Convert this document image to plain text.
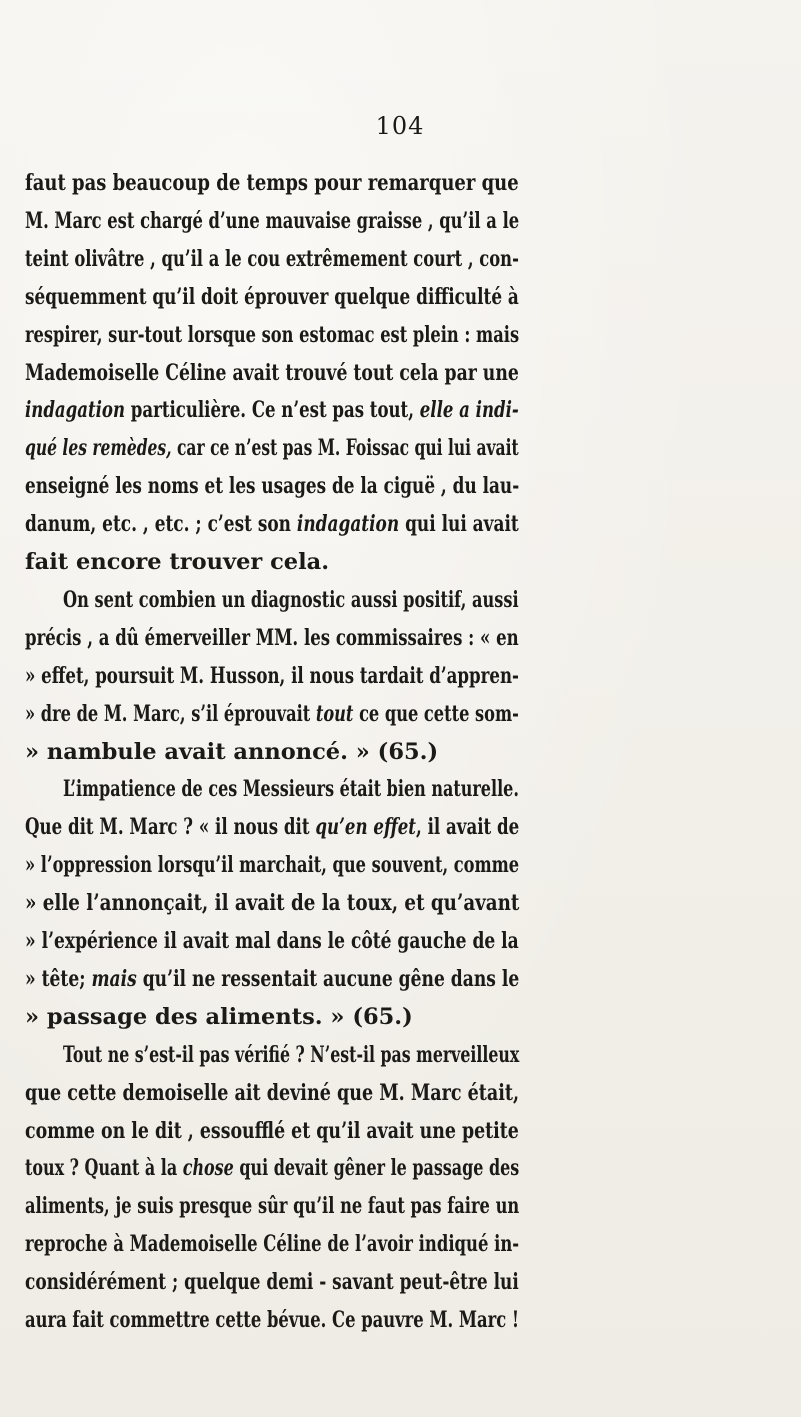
104
faut pas beaucoup de temps pour remarquer que
M. Marc est chargé d’une mauvaise graisse , qu’il a le
teint olivâtre , qu’il a le cou extrêmement court , con-
séquemment qu’il doit éprouver quelque difficulté à
respirer, sur-tout lorsque son estomac est plein : mais
Mademoiselle Céline avait trouvé tout cela par une
indagation particulière. Ce n’est pas tout, elle a indi-
qué les remèdes, car ce n’est pas M. Foissac qui lui avait
enseigné les noms et les usages de la ciguë , du lau-
danum, etc. , etc. ; c’est son indagation qui lui avait
fait encore trouver cela.
On sent combien un diagnostic aussi positif, aussi
précis , a dû émerveiller MM. les commissaires : « en
» effet, poursuit M. Husson, il nous tardait d’appren-
» dre de M. Marc, s’il éprouvait tout ce que cette som-
» nambule avait annoncé. » (65.)
L’impatience de ces Messieurs était bien naturelle.
Que dit M. Marc ? « il nous dit qu’en effet, il avait de
» l’oppression lorsqu’il marchait, que souvent, comme
» elle l’annonçait, il avait de la toux, et qu’avant
» l’expérience il avait mal dans le côté gauche de la
» tête; mais qu’il ne ressentait aucune gêne dans le
» passage des aliments. » (65.)
Tout ne s’est-il pas vérifié ? N’est-il pas merveilleux
que cette demoiselle ait deviné que M. Marc était,
comme on le dit , essoufflé et qu’il avait une petite
toux ? Quant à la chose qui devait gêner le passage des
aliments, je suis presque sûr qu’il ne faut pas faire un
reproche à Mademoiselle Céline de l’avoir indiqué in-
considérément ; quelque demi - savant peut-être lui
aura fait commettre cette bévue. Ce pauvre M. Marc !
